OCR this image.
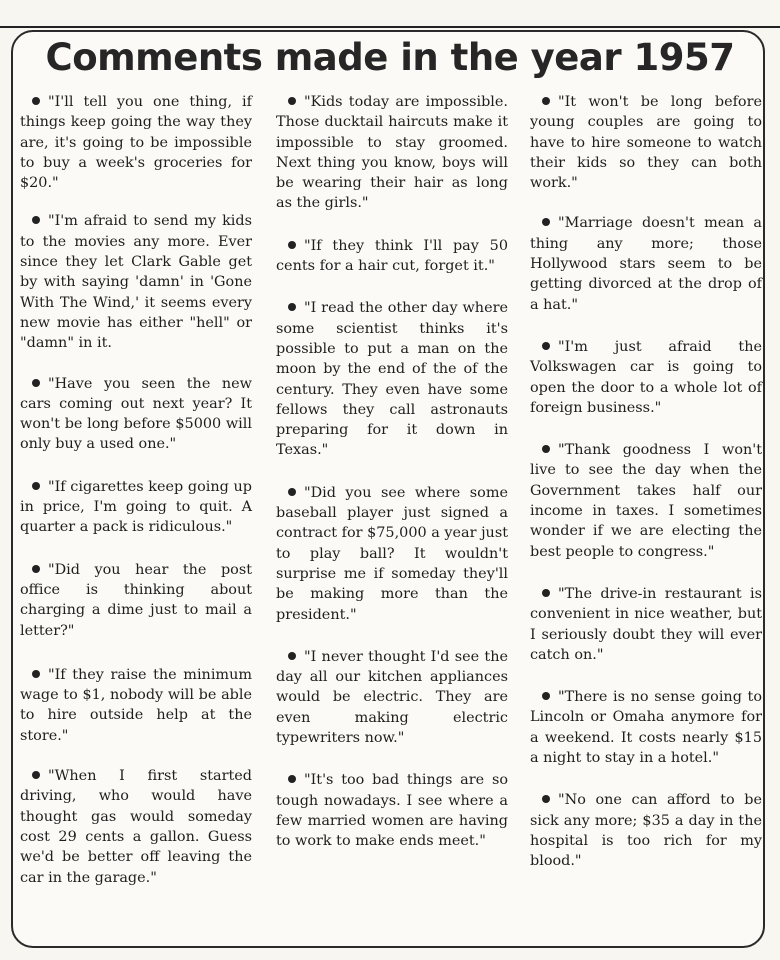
Comments made in the year 1957

"I'll tell you one thing, if things keep going the way they are, it's going to be impossible to buy a week's groceries for $20."

"I'm afraid to send my kids to the movies any more. Ever since they let Clark Gable get by with saying 'damn' in 'Gone With The Wind,' it seems every new movie has either "hell" or "damn" in it.

"Have you seen the new cars coming out next year? It won't be long before $5000 will only buy a used one."

"If cigarettes keep going up in price, I'm going to quit. A quarter a pack is ridiculous."

"Did you hear the post office is thinking about charging a dime just to mail a letter?"

"If they raise the minimum wage to $1, nobody will be able to hire outside help at the store."

"When I first started driving, who would have thought gas would someday cost 29 cents a gallon. Guess we'd be better off leaving the car in the garage."

"Kids today are impossible. Those ducktail haircuts make it impossible to stay groomed. Next thing you know, boys will be wearing their hair as long as the girls."

"If they think I'll pay 50 cents for a hair cut, forget it."

"I read the other day where some scientist thinks it's possible to put a man on the moon by the end of the of the century. They even have some fellows they call astronauts preparing for it down in Texas."

"Did you see where some baseball player just signed a contract for $75,000 a year just to play ball? It wouldn't surprise me if someday they'll be making more than the president."

"I never thought I'd see the day all our kitchen appliances would be electric. They are even making electric typewriters now."

"It's too bad things are so tough nowadays. I see where a few married women are having to work to make ends meet."

"It won't be long before young couples are going to have to hire someone to watch their kids so they can both work."

"Marriage doesn't mean a thing any more; those Hollywood stars seem to be getting divorced at the drop of a hat."

"I'm just afraid the Volkswagen car is going to open the door to a whole lot of foreign business."

"Thank goodness I won't live to see the day when the Government takes half our income in taxes. I sometimes wonder if we are electing the best people to congress."

"The drive-in restaurant is convenient in nice weather, but I seriously doubt they will ever catch on."

"There is no sense going to Lincoln or Omaha anymore for a weekend. It costs nearly $15 a night to stay in a hotel."

"No one can afford to be sick any more; $35 a day in the hospital is too rich for my blood."
